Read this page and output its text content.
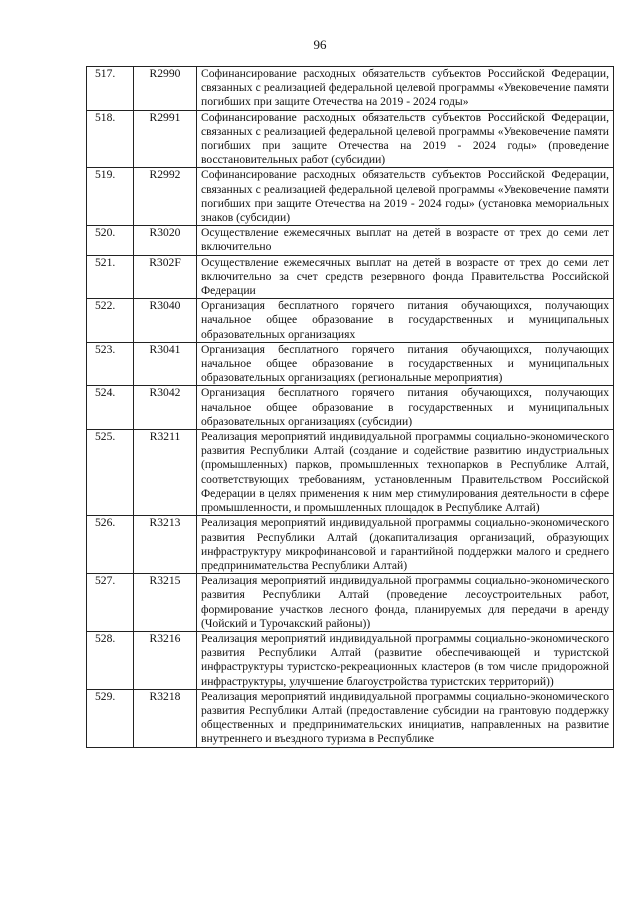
96
517.	R2990	Софинансирование расходных обязательств субъектов Российской Федерации, связанных с реализацией федеральной целевой программы «Увековечение памяти погибших при защите Отечества на 2019 - 2024 годы»
518.	R2991	Софинансирование расходных обязательств субъектов Российской Федерации, связанных с реализацией федеральной целевой программы «Увековечение памяти погибших при защите Отечества на 2019 - 2024 годы» (проведение восстановительных работ (субсидии)
519.	R2992	Софинансирование расходных обязательств субъектов Российской Федерации, связанных с реализацией федеральной целевой программы «Увековечение памяти погибших при защите Отечества на 2019 - 2024 годы» (установка мемориальных знаков (субсидии)
520.	R3020	Осуществление ежемесячных выплат на детей в возрасте от трех до семи лет включительно
521.	R302F	Осуществление ежемесячных выплат на детей в возрасте от трех до семи лет включительно за счет средств резервного фонда Правительства Российской Федерации
522.	R3040	Организация бесплатного горячего питания обучающихся, получающих начальное общее образование в государственных и муниципальных образовательных организациях
523.	R3041	Организация бесплатного горячего питания обучающихся, получающих начальное общее образование в государственных и муниципальных образовательных организациях (региональные мероприятия)
524.	R3042	Организация бесплатного горячего питания обучающихся, получающих начальное общее образование в государственных и муниципальных образовательных организациях (субсидии)
525.	R3211	Реализация мероприятий индивидуальной программы социально-экономического развития Республики Алтай (создание и содействие развитию индустриальных (промышленных) парков, промышленных технопарков в Республике Алтай, соответствующих требованиям, установленным Правительством Российской Федерации в целях применения к ним мер стимулирования деятельности в сфере промышленности, и промышленных площадок в Республике Алтай)
526.	R3213	Реализация мероприятий индивидуальной программы социально-экономического развития Республики Алтай (докапитализация организаций, образующих инфраструктуру микрофинансовой и гарантийной поддержки малого и среднего предпринимательства Республики Алтай)
527.	R3215	Реализация мероприятий индивидуальной программы социально-экономического развития Республики Алтай (проведение лесоустроительных работ, формирование участков лесного фонда, планируемых для передачи в аренду (Чойский и Турочакский районы))
528.	R3216	Реализация мероприятий индивидуальной программы социально-экономического развития Республики Алтай (развитие обеспечивающей и туристской инфраструктуры туристско-рекреационных кластеров (в том числе придорожной инфраструктуры, улучшение благоустройства туристских территорий))
529.	R3218	Реализация мероприятий индивидуальной программы социально-экономического развития Республики Алтай (предоставление субсидии на грантовую поддержку общественных и предпринимательских инициатив, направленных на развитие внутреннего и въездного туризма в Республике
